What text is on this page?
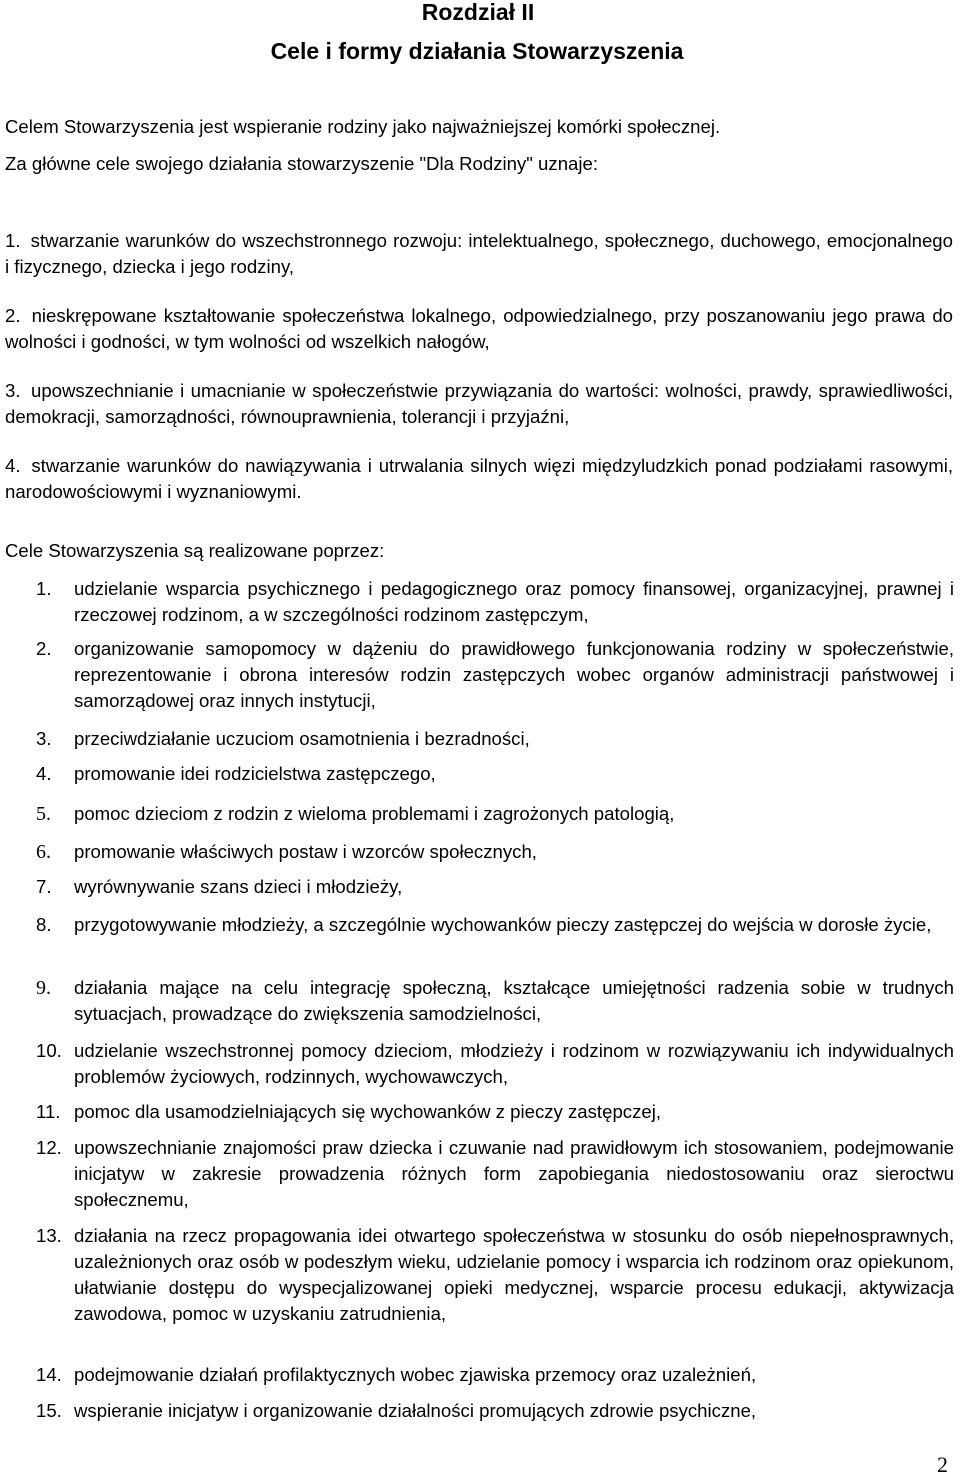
Rozdział II
Cele i formy działania Stowarzyszenia
Celem Stowarzyszenia jest wspieranie rodziny jako najważniejszej komórki społecznej.
Za główne cele swojego działania stowarzyszenie "Dla Rodziny" uznaje:
1. stwarzanie warunków do wszechstronnego rozwoju: intelektualnego, społecznego, duchowego, emocjonalnego i fizycznego, dziecka i jego rodziny,
2. nieskrępowane kształtowanie społeczeństwa lokalnego, odpowiedzialnego, przy poszanowaniu jego prawa do wolności i godności, w tym wolności od wszelkich nałogów,
3. upowszechnianie i umacnianie w społeczeństwie przywiązania do wartości: wolności, prawdy, sprawiedliwości, demokracji, samorządności, równouprawnienia, tolerancji i przyjaźni,
4. stwarzanie warunków do nawiązywania i utrwalania silnych więzi międzyludzkich ponad podziałami rasowymi, narodowościowymi i wyznaniowymi.
Cele Stowarzyszenia są realizowane poprzez:
1.	udzielanie wsparcia psychicznego i pedagogicznego oraz pomocy finansowej, organizacyjnej, prawnej i rzeczowej rodzinom, a w szczególności rodzinom zastępczym,
2.	organizowanie samopomocy w dążeniu do prawidłowego funkcjonowania rodziny w społeczeństwie, reprezentowanie i obrona interesów rodzin zastępczych wobec organów administracji państwowej i samorządowej oraz innych instytucji,
3.	przeciwdziałanie uczuciom osamotnienia i bezradności,
4.	promowanie idei rodzicielstwa zastępczego,
5.	pomoc dzieciom z rodzin z wieloma problemami i zagrożonych patologią,
6.	promowanie właściwych postaw i wzorców społecznych,
7.	wyrównywanie szans dzieci i młodzieży,
8.	przygotowywanie młodzieży, a szczególnie wychowanków pieczy zastępczej do wejścia w dorosłe życie,
9.	działania mające na celu integrację społeczną, kształcące umiejętności radzenia sobie w trudnych sytuacjach, prowadzące do zwiększenia samodzielności,
10. udzielanie wszechstronnej pomocy dzieciom, młodzieży i rodzinom w rozwiązywaniu ich indywidualnych problemów życiowych, rodzinnych, wychowawczych,
11. pomoc dla usamodzielniających się wychowanków z pieczy zastępczej,
12. upowszechnianie znajomości praw dziecka i czuwanie nad prawidłowym ich stosowaniem, podejmowanie inicjatyw w zakresie prowadzenia różnych form zapobiegania niedostosowaniu oraz sieroctwu społecznemu,
13. działania na rzecz propagowania idei otwartego społeczeństwa w stosunku do osób niepełnosprawnych, uzależnionych oraz osób w podeszłym wieku, udzielanie pomocy i wsparcia ich rodzinom oraz opiekunom, ułatwianie dostępu do wyspecjalizowanej opieki medycznej, wsparcie procesu edukacji, aktywizacja zawodowa, pomoc w uzyskaniu zatrudnienia,
14. podejmowanie działań profilaktycznych wobec zjawiska przemocy oraz uzależnień,
15. wspieranie inicjatyw i organizowanie działalności promujących zdrowie psychiczne,
2
